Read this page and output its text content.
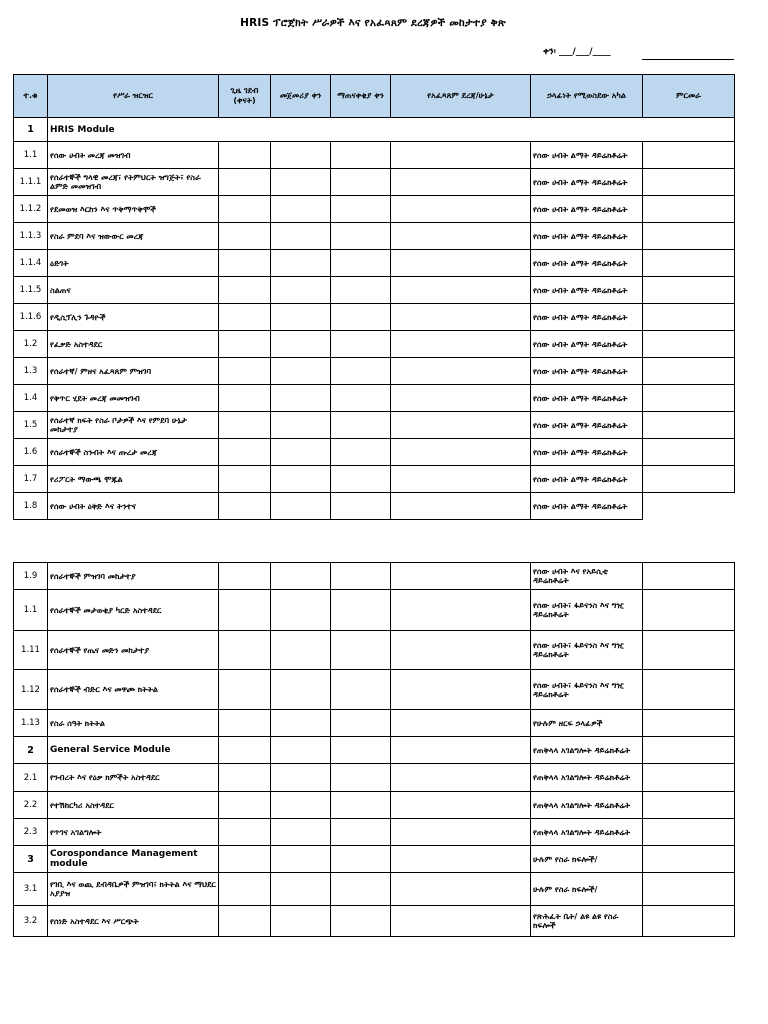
HRIS ፕሮጀክት ሥራዎች እና የአፈጻጸም ደረጃዎች መከታተያ ቅጽ
ቀን፡ ___/___/____
ተ.ቁ	የሥራ ዝርዝር	ጊዜ ገደብ (ቀናት)	መጀመሪያ ቀን	ማጠናቀቂያ ቀን	የአፈጻጸም ደረጃ/ሁኔታ	ኃላፊነት የሚወስደው አካል	ምርመራ
1	HRIS Module						
1.1	የሰው ሀብት መረጃ መዝገብ					የሰው ሀብት ልማት ዳይሬክቶሬት	
1.1.1	የሰራተኞች ግላዊ መረጃ፣ የትምህርት ዝግጅት፣ የስራ ልምድ መመዝገብ					የሰው ሀብት ልማት ዳይሬክቶሬት	
1.1.2	የደመወዝ እርከን እና ጥቅማጥቅሞች					የሰው ሀብት ልማት ዳይሬክቶሬት	
1.1.3	የስራ ምደባ እና ዝውውር መረጃ					የሰው ሀብት ልማት ዳይሬክቶሬት	
1.1.4	ዕድገት					የሰው ሀብት ልማት ዳይሬክቶሬት	
1.1.5	ስልጠና					የሰው ሀብት ልማት ዳይሬክቶሬት	
1.1.6	የዲሲፕሊን ጉዳዮች					የሰው ሀብት ልማት ዳይሬክቶሬት	
1.2	የፈቃድ አስተዳደር					የሰው ሀብት ልማት ዳይሬክቶሬት	
1.3	የሰራተኛ/ ምዘና አፈጻጸም ምዝገባ					የሰው ሀብት ልማት ዳይሬክቶሬት	
1.4	የቅጥር ሂደት መረጃ መመዝገብ					የሰው ሀብት ልማት ዳይሬክቶሬት	
1.5	የሰራተኛ ክፍት የስራ ቦታዎች እና የምደባ ሁኔታ መከታተያ					የሰው ሀብት ልማት ዳይሬክቶሬት	
1.6	የሰራተኞች ስንብት እና ጡረታ መረጃ					የሰው ሀብት ልማት ዳይሬክቶሬት	
1.7	የሪፖርት ማውጫ ሞጁል					የሰው ሀብት ልማት ዳይሬክቶሬት	
1.8	የሰው ሀብት ዕቅድ እና ትንተና					የሰው ሀብት ልማት ዳይሬክቶሬት	
1.9	የሰራተኞች ምዝገባ መከታተያ					የሰው ሀብት እና የአይሲቲ ዳይሬክቶሬት	
1.1	የሰራተኞች መታወቂያ ካርድ አስተዳደር					የሰው ሀብት፣ ፋይናንስ እና ግዢ ዳይሬክቶሬት	
1.11	የሰራተኞች የጤና መድን መከታተያ					የሰው ሀብት፣ ፋይናንስ እና ግዢ ዳይሬክቶሬት	
1.12	የሰራተኞች ብድር እና መዋጮ ክትትል					የሰው ሀብት፣ ፋይናንስ እና ግዢ ዳይሬክቶሬት	
1.13	የስራ ሰዓት ክትትል					የሁሉም ዘርፍ ኃላፊዎች	
2	General Service Module					የጠቅላላ አገልግሎት ዳይሬክቶሬት	
2.1	የንብረት እና የዕቃ ክምችት አስተዳደር					የጠቅላላ አገልግሎት ዳይሬክቶሬት	
2.2	የተሽከርካሪ አስተዳደር					የጠቅላላ አገልግሎት ዳይሬክቶሬት	
2.3	የጥገና አገልግሎት					የጠቅላላ አገልግሎት ዳይሬክቶሬት	
3	Corospondance Management module					ሁሉም የስራ ክፍሎች/	
3.1	የገቢ እና ወጪ ደብዳቤዎች ምዝገባ፣ ክትትል እና ማህደር አያያዝ					ሁሉም የስራ ክፍሎች/	
3.2	የሰነድ አስተዳደር እና ሥርጭት					የጽሕፈት ቤት/ ልዩ ልዩ የስራ ክፍሎች	
